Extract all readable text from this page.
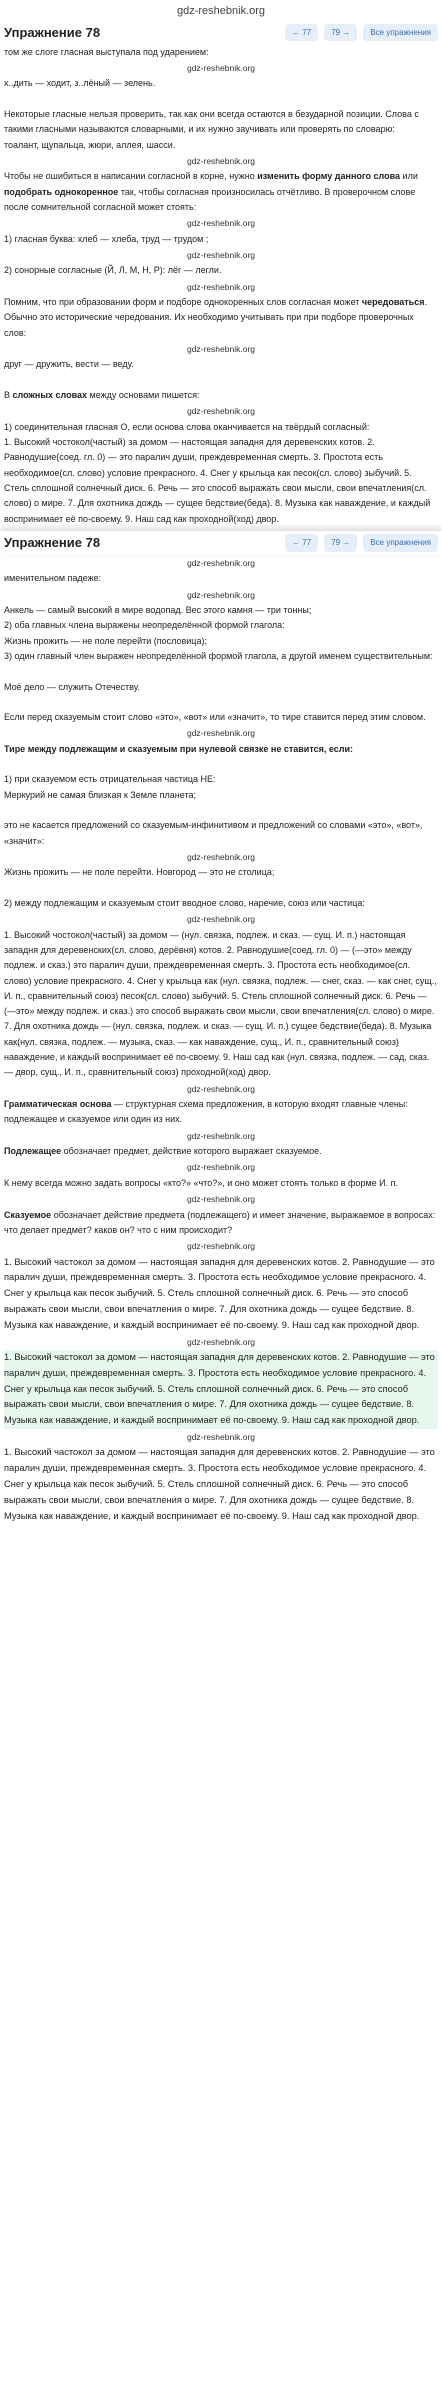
gdz-reshebnik.org
Упражнение 78	← 77	79 →	Все упражнения

том же слоге гласная выступала под ударением:

gdz-reshebnik.org

х..дить — ходит, з..лёный — зелень.

Некоторые гласные нельзя проверить, так как они всегда остаются в безударной позиции. Слова с такими гласными называются словарными, и их нужно заучивать или проверять по словарю:

тоалант, щупальца, жюри, аллея, шасси.

gdz-reshebnik.org

Чтобы не ошибиться в написании согласной в корне, нужно изменить форму данного слова или подобрать однокоренное так, чтобы согласная произносилась отчётливо. В проверочном слове после сомнительной согласной может стоять:

gdz-reshebnik.org

1) гласная буква: хлеб — хлеба, труд — трудом ;

gdz-reshebnik.org

2) сонорные согласные (Й, Л, М, Н, Р): лёг — легли.

gdz-reshebnik.org

Помним, что при образовании форм и подборе однокоренных слов согласная может чередоваться. Обычно это исторические чередования. Их необходимо учитывать при при подборе проверочных слов:

gdz-reshebnik.org

друг — дружить, вести — веду.

В сложных словах между основами пишется:

gdz-reshebnik.org

1) соединительная гласная О, если основа слова оканчивается на твёрдый согласный:

1. Высокий чостокол(частый) за домом — настоящая западня для деревенских котов. 2. Равнодушие(соед. гл. 0) — это паралич души, преждевременная смерть. 3. Простота есть необходимое(сл. слово) условие прекрасного. 4. Снег у крыльца как песок(сл. слово) зыбучий. 5. Стель сплошной солнечный диск. 6. Речь — это способ выражать свои мысли, свои впечатления(сл. слово) о мире. 7. Для охотника дождь — сущее бедствие(беда). 8. Музыка как наваждение, и каждый воспринимает её по-своему. 9. Наш сад как проходной(ход) двор.

Упражнение 78	← 77	79 →	Все упражнения
gdz-reshebnik.org

именительном падеже:

gdz-reshebnik.org

Анкель — самый высокий в мире водопад. Вес этого камня — три тонны;

2) оба главных члена выражены неопределённой формой глагола:

Жизнь прожить — не поле перейти (пословица);

3) один главный член выражен неопределённой формой глагола, а другой именем существительным:

Моё дело — служить Отечеству.

Если перед сказуемым стоит слово «это», «вот» или «значит», то тире ставится перед этим словом.

gdz-reshebnik.org

Тире между подлежащим и сказуемым при нулевой связке не ставится, если:

1) при сказуемом есть отрицательная частица НЕ:

Меркурий не самая близкая к Земле планета;

это не касается предложений со сказуемым-инфинитивом и предложений со словами «это», «вот», «значит»:

gdz-reshebnik.org

Жизнь прожить — не поле перейти. Новгород — это не столица;

2) между подлежащим и сказуемым стоит вводное слово, наречие, союз или частица:

gdz-reshebnik.org

1. Высокий чостокол(частый) за домом — (нул. связка, подлеж. и сказ. — сущ. И. п.) настоящая западня для деревенских(сл. слово, дерёвня) котов. 2. Равнодушие(соед. гл. 0) — (—это» между подлеж. и сказ.) это паралич души, преждевременная смерть. 3. Простота есть необходимое(сл. слово) условие прекрасного. 4. Снег у крыльца как (нул. связка, подлеж. — снег, сказ. — как снег, сущ., И. п., сравнительный союз) песок(сл. слово) зыбучий. 5. Стель сплошной солнечный диск. 6. Речь — (—это» между подлеж. и сказ.) это способ выражать свои мысли, свои впечатления(сл. слово) о мире. 7. Для охотника дождь — (нул. связка, подлеж. и сказ. — сущ. И. п.) сущее бедствие(беда). 8. Музыка как(нул. связка, подлеж. — музыка, сказ. — как наваждение, сущ., И. п., сравнительный союз) наваждение, и каждый воспринимает её по-своему. 9. Наш сад как (нул. связка, подлеж. — сад, сказ. — двор, сущ., И. п., сравнительный союз) проходной(ход) двор.

gdz-reshebnik.org

Грамматическая основа — структурная схема предложения, в которую входят главные члены: подлежащее и сказуемое или один из них.

gdz-reshebnik.org

Подлежащее обозначает предмет, действие которого выражает сказуемое.

gdz-reshebnik.org

К нему всегда можно задать вопросы «кто?» «что?», и оно может стоять только в форме И. п.

gdz-reshebnik.org

Сказуемое обозначает действие предмета (подлежащего) и имеет значение, выражаемое в вопросах: что делает предмет? каков он? что с ним происходит?

gdz-reshebnik.org

1. Высокий частокол за домом — настоящая западня для деревенских котов. 2. Равнодушие — это паралич души, преждевременная смерть. 3. Простота есть необходимое условие прекрасного. 4. Снег у крыльца как песок зыбучий. 5. Стель сплошной солнечный диск. 6. Речь — это способ выражать свои мысли, свои впечатления о мире. 7. Для охотника дождь — сущее бедствие. 8. Музыка как наваждение, и каждый воспринимает её по-своему. 9. Наш сад как проходной двор.

gdz-reshebnik.org

1. Высокий частокол за домом — настоящая западня для деревенских котов. 2. Равнодушие — это паралич души, преждевременная смерть. 3. Простота есть необходимое условие прекрасного. 4. Снег у крыльца как песок зыбучий. 5. Стель сплошной солнечный диск. 6. Речь — это способ выражать свои мысли, свои впечатления о мире. 7. Для охотника дождь — сущее бедствие. 8. Музыка как наваждение, и каждый воспринимает её по-своему. 9. Наш сад как проходной двор.

gdz-reshebnik.org

1. Высокий частокол за домом — настоящая западня для деревенских котов. 2. Равнодушие — это паралич души, преждевременная смерть. 3. Простота есть необходимое условие прекрасного. 4. Снег у крыльца как песок зыбучий. 5. Стель сплошной солнечный диск. 6. Речь — это способ выражать свои мысли, свои впечатления о мире. 7. Для охотника дождь — сущее бедствие. 8. Музыка как наваждение, и каждый воспринимает её по-своему. 9. Наш сад как проходной двор.
